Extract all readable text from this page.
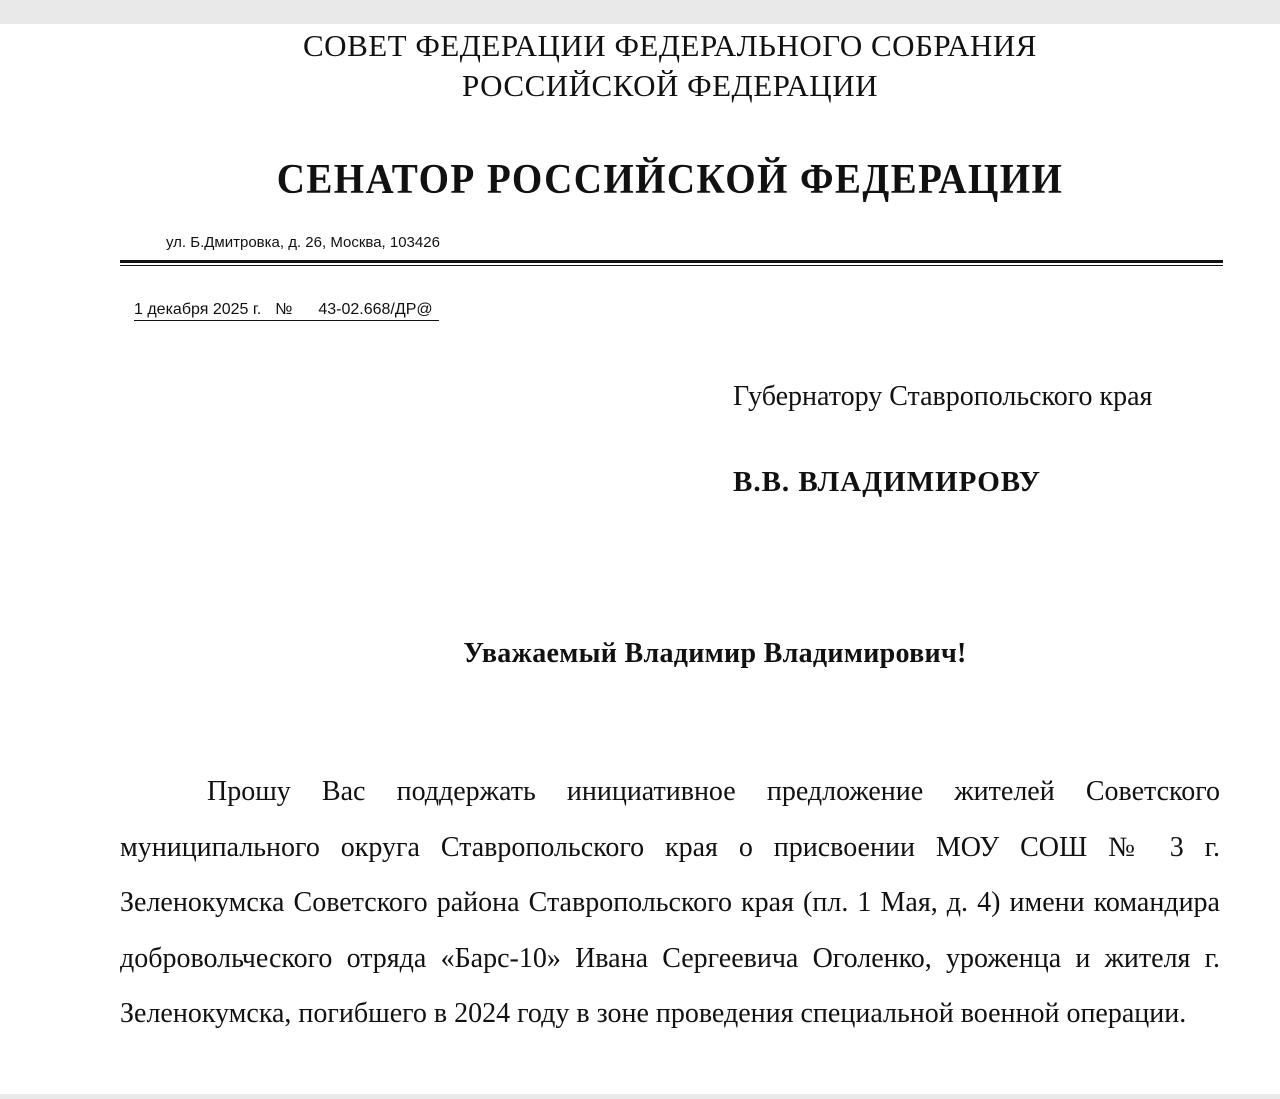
СОВЕТ ФЕДЕРАЦИИ ФЕДЕРАЛЬНОГО СОБРАНИЯ
РОССИЙСКОЙ ФЕДЕРАЦИИ
СЕНАТОР РОССИЙСКОЙ ФЕДЕРАЦИИ
ул. Б.Дмитровка, д. 26, Москва, 103426
1 декабря 2025 г. № 43-02.668/ДР@
Губернатору Ставропольского края
В.В. ВЛАДИМИРОВУ
Уважаемый Владимир Владимирович!

Прошу Вас поддержать инициативное предложение жителей Советского муниципального округа Ставропольского края о присвоении МОУ СОШ № 3 г. Зеленокумска Советского района Ставропольского края (пл. 1 Мая, д. 4) имени командира добровольческого отряда «Барс-10» Ивана Сергеевича Оголенко, уроженца и жителя г. Зеленокумска, погибшего в 2024 году в зоне проведения специальной военной операции.
